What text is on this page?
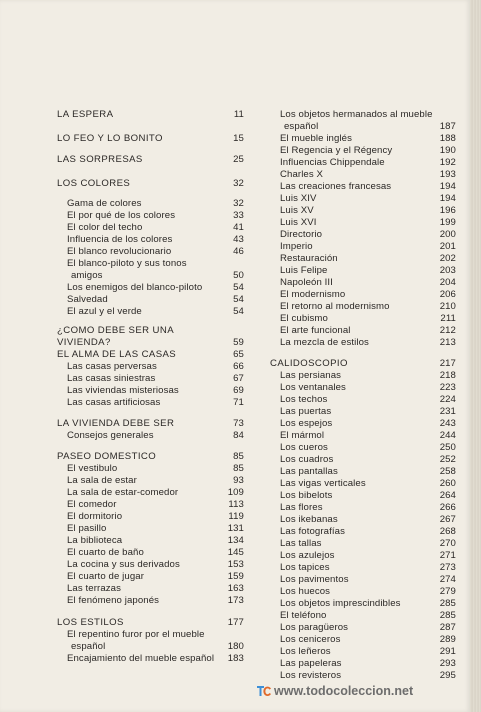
LA ESPERA	11
LO FEO Y LO BONITO	15
LAS SORPRESAS	25
LOS COLORES	32
Gama de colores	32
El por qué de los colores	33
El color del techo	41
Influencia de los colores	43
El blanco revolucionario	46
El blanco-piloto y sus tonos
amigos	50
Los enemigos del blanco-piloto	54
Salvedad	54
El azul y el verde	54
¿COMO DEBE SER UNA
VIVIENDA?	59
EL ALMA DE LAS CASAS	65
Las casas perversas	66
Las casas siniestras	67
Las viviendas misteriosas	69
Las casas artificiosas	71
LA VIVIENDA DEBE SER	73
Consejos generales	84
PASEO DOMESTICO	85
El vestibulo	85
La sala de estar	93
La sala de estar-comedor	109
El comedor	113
El dormitorio	119
El pasillo	131
La biblioteca	134
El cuarto de baño	145
La cocina y sus derivados	153
El cuarto de jugar	159
Las terrazas	163
El fenómeno japonés	173
LOS ESTILOS	177
El repentino furor por el mueble
español	180
Encajamiento del mueble español 183
Los objetos hermanados al mueble
español	187
El mueble inglés	188
El Regencia y el Régency	190
Influencias Chippendale	192
Charles X	193
Las creaciones francesas	194
Luis XIV	194
Luis XV	196
Luis XVI	199
Directorio	200
Imperio	201
Restauración	202
Luis Felipe	203
Napoleón III	204
El modernismo	206
El retorno al modernismo	210
El cubismo	211
El arte funcional	212
La mezcla de estilos	213
CALIDOSCOPIO	217
Las persianas	218
Los ventanales	223
Los techos	224
Las puertas	231
Los espejos	243
El mármol	244
Los cueros	250
Los cuadros	252
Las pantallas	258
Las vigas verticales	260
Los bibelots	264
Las flores	266
Los ikebanas	267
Las fotografías	268
Las tallas	270
Los azulejos	271
Los tapices	273
Los pavimentos	274
Los huecos	279
Los objetos imprescindibles	285
El teléfono	285
Los paragüeros	287
Los ceniceros	289
Los leñeros	291
Las papeleras	293
Los revisteros	295
www.todocoleccion.net
